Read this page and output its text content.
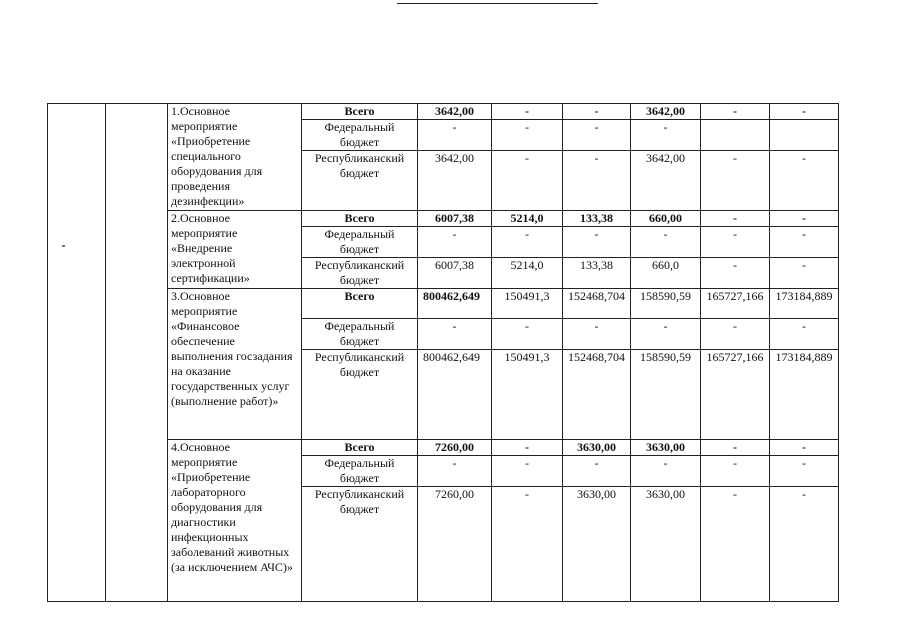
		1.Основное мероприятие «Приобретение специального оборудования для проведения дезинфекции»	Всего	3642,00	-	-	3642,00	-	-
			Федеральный бюджет	-	-	-	-		
			Республиканский бюджет	3642,00	-	-	3642,00	-	-
		2.Основное мероприятие «Внедрение электронной сертификации»	Всего	6007,38	5214,0	133,38	660,00	-	-
			Федеральный бюджет	-	-	-	-	-	-
			Республиканский бюджет	6007,38	5214,0	133,38	660,0	-	-
		3.Основное мероприятие «Финансовое обеспечение выполнения госзадания на оказание государственных услуг (выполнение работ)»	Всего	800462,649	150491,3	152468,704	158590,59	165727,166	173184,889
			Федеральный бюджет	-	-	-	-	-	-
			Республиканский бюджет	800462,649	150491,3	152468,704	158590,59	165727,166	173184,889
		4.Основное мероприятие «Приобретение лабораторного оборудования для диагностики инфекционных заболеваний животных (за исключением АЧС)»	Всего	7260,00	-	3630,00	3630,00	-	-
			Федеральный бюджет	-	-	-	-	-	-
			Республиканский бюджет	7260,00	-	3630,00	3630,00	-	-
